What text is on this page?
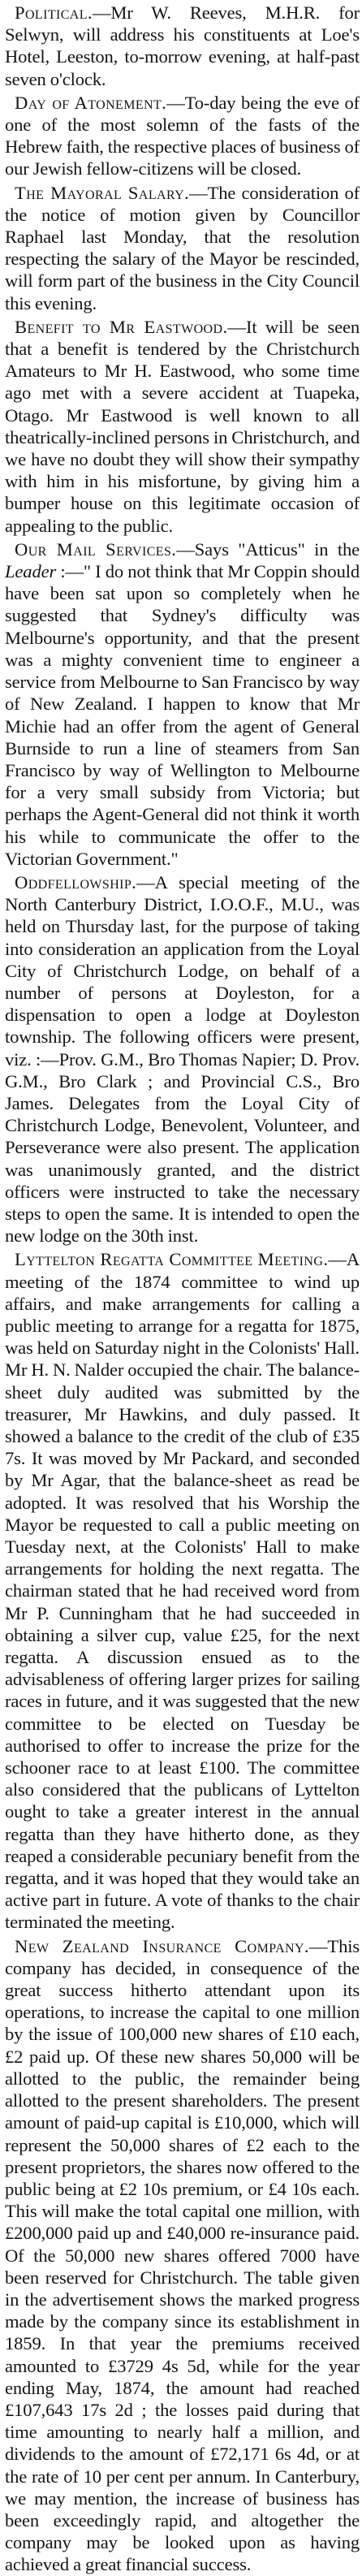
Political.—Mr W. Reeves, M.H.R. for Selwyn, will address his constituents at Loe's Hotel, Leeston, to-morrow evening, at half-past seven o'clock.

Day of Atonement.—To-day being the eve of one of the most solemn of the fasts of the Hebrew faith, the respective places of business of our Jewish fellow-citizens will be closed.

The Mayoral Salary.—The consideration of the notice of motion given by Councillor Raphael last Monday, that the resolution respecting the salary of the Mayor be rescinded, will form part of the business in the City Council this evening.

Benefit to Mr Eastwood.—It will be seen that a benefit is tendered by the Christchurch Amateurs to Mr H. Eastwood, who some time ago met with a severe accident at Tuapeka, Otago. Mr Eastwood is well known to all theatrically-inclined persons in Christchurch, and we have no doubt they will show their sympathy with him in his misfortune, by giving him a bumper house on this legitimate occasion of appealing to the public.

Our Mail Services.—Says "Atticus" in the Leader :—" I do not think that Mr Coppin should have been sat upon so completely when he suggested that Sydney's difficulty was Melbourne's opportunity, and that the present was a mighty convenient time to engineer a service from Melbourne to San Francisco by way of New Zealand. I happen to know that Mr Michie had an offer from the agent of General Burnside to run a line of steamers from San Francisco by way of Wellington to Melbourne for a very small subsidy from Victoria; but perhaps the Agent-General did not think it worth his while to communicate the offer to the Victorian Government."

Oddfellowship.—A special meeting of the North Canterbury District, I.O.O.F., M.U., was held on Thursday last, for the purpose of taking into consideration an application from the Loyal City of Christchurch Lodge, on behalf of a number of persons at Doyleston, for a dispensation to open a lodge at Doyleston township. The following officers were present, viz. :—Prov. G.M., Bro Thomas Napier; D. Prov. G.M., Bro Clark ; and Provincial C.S., Bro James. Delegates from the Loyal City of Christchurch Lodge, Benevolent, Volunteer, and Perseverance were also present. The application was unanimously granted, and the district officers were instructed to take the necessary steps to open the same. It is intended to open the new lodge on the 30th inst.

Lyttelton Regatta Committee Meeting.—A meeting of the 1874 committee to wind up affairs, and make arrangements for calling a public meeting to arrange for a regatta for 1875, was held on Saturday night in the Colonists' Hall. Mr H. N. Nalder occupied the chair. The balance-sheet duly audited was submitted by the treasurer, Mr Hawkins, and duly passed. It showed a balance to the credit of the club of £35 7s. It was moved by Mr Packard, and seconded by Mr Agar, that the balance-sheet as read be adopted. It was resolved that his Worship the Mayor be requested to call a public meeting on Tuesday next, at the Colonists' Hall to make arrangements for holding the next regatta. The chairman stated that he had received word from Mr P. Cunningham that he had succeeded in obtaining a silver cup, value £25, for the next regatta. A discussion ensued as to the advisableness of offering larger prizes for sailing races in future, and it was suggested that the new committee to be elected on Tuesday be authorised to offer to increase the prize for the schooner race to at least £100. The committee also considered that the publicans of Lyttelton ought to take a greater interest in the annual regatta than they have hitherto done, as they reaped a considerable pecuniary benefit from the regatta, and it was hoped that they would take an active part in future. A vote of thanks to the chair terminated the meeting.

New Zealand Insurance Company.—This company has decided, in consequence of the great success hitherto attendant upon its operations, to increase the capital to one million by the issue of 100,000 new shares of £10 each, £2 paid up. Of these new shares 50,000 will be allotted to the public, the remainder being allotted to the present shareholders. The present amount of paid-up capital is £10,000, which will represent the 50,000 shares of £2 each to the present proprietors, the shares now offered to the public being at £2 10s premium, or £4 10s each. This will make the total capital one million, with £200,000 paid up and £40,000 re-insurance paid. Of the 50,000 new shares offered 7000 have been reserved for Christchurch. The table given in the advertisement shows the marked progress made by the company since its establishment in 1859. In that year the premiums received amounted to £3729 4s 5d, while for the year ending May, 1874, the amount had reached £107,643 17s 2d ; the losses paid during that time amounting to nearly half a million, and dividends to the amount of £72,171 6s 4d, or at the rate of 10 per cent per annum. In Canterbury, we may mention, the increase of business has been exceedingly rapid, and altogether the company may be looked upon as having achieved a great financial success.
